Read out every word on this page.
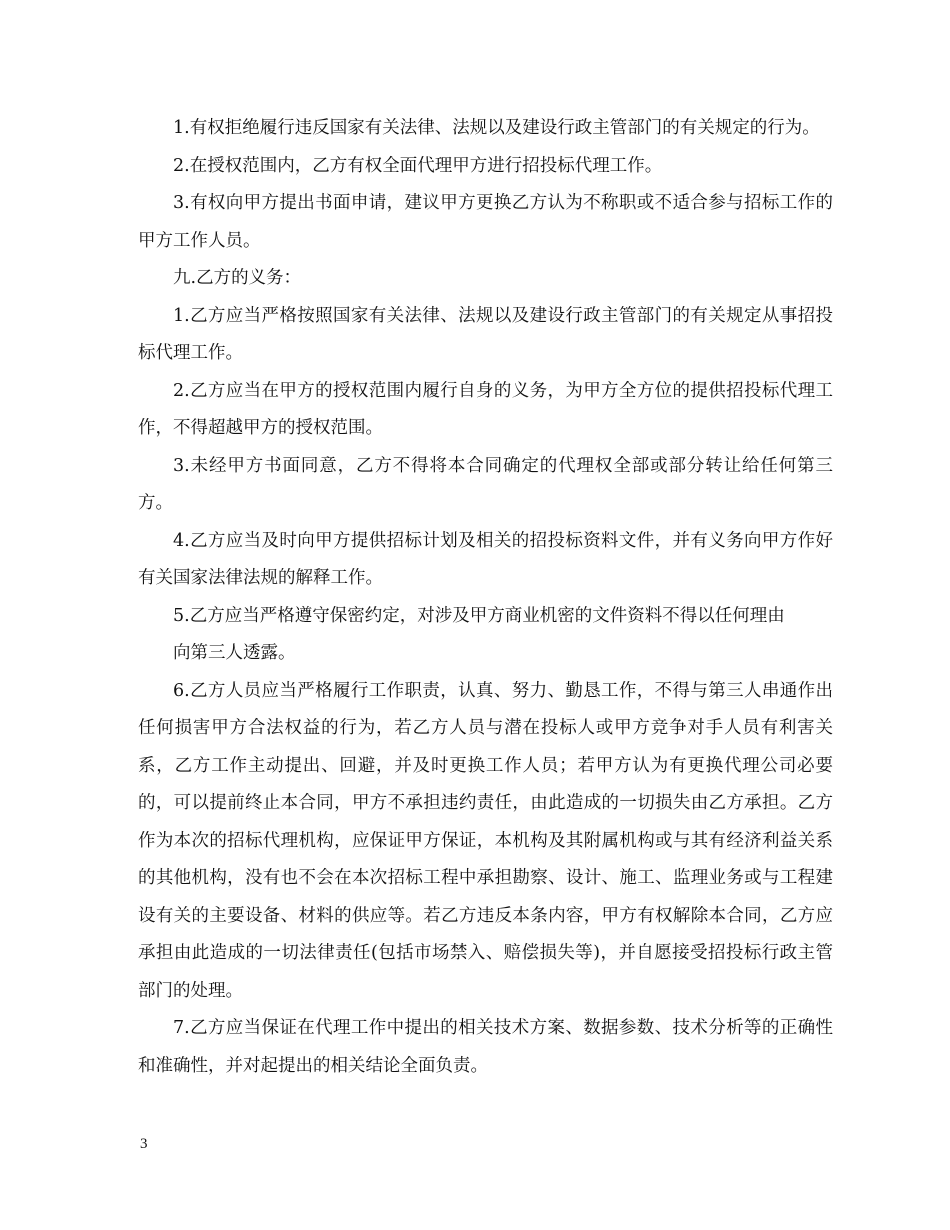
1.有权拒绝履行违反国家有关法律、法规以及建设行政主管部门的有关规定的行为。

2.在授权范围内，乙方有权全面代理甲方进行招投标代理工作。

3.有权向甲方提出书面申请，建议甲方更换乙方认为不称职或不适合参与招标工作的甲方工作人员。

九.乙方的义务：

1.乙方应当严格按照国家有关法律、法规以及建设行政主管部门的有关规定从事招投标代理工作。

2.乙方应当在甲方的授权范围内履行自身的义务，为甲方全方位的提供招投标代理工作，不得超越甲方的授权范围。

3.未经甲方书面同意，乙方不得将本合同确定的代理权全部或部分转让给任何第三方。

4.乙方应当及时向甲方提供招标计划及相关的招投标资料文件，并有义务向甲方作好有关国家法律法规的解释工作。

5.乙方应当严格遵守保密约定，对涉及甲方商业机密的文件资料不得以任何理由

向第三人透露。

6.乙方人员应当严格履行工作职责，认真、努力、勤恳工作，不得与第三人串通作出任何损害甲方合法权益的行为，若乙方人员与潜在投标人或甲方竞争对手人员有利害关系，乙方工作主动提出、回避，并及时更换工作人员；若甲方认为有更换代理公司必要的，可以提前终止本合同，甲方不承担违约责任，由此造成的一切损失由乙方承担。乙方作为本次的招标代理机构，应保证甲方保证，本机构及其附属机构或与其有经济利益关系的其他机构，没有也不会在本次招标工程中承担勘察、设计、施工、监理业务或与工程建设有关的主要设备、材料的供应等。若乙方违反本条内容，甲方有权解除本合同，乙方应承担由此造成的一切法律责任(包括市场禁入、赔偿损失等)，并自愿接受招投标行政主管部门的处理。

7.乙方应当保证在代理工作中提出的相关技术方案、数据参数、技术分析等的正确性和准确性，并对起提出的相关结论全面负责。

3
